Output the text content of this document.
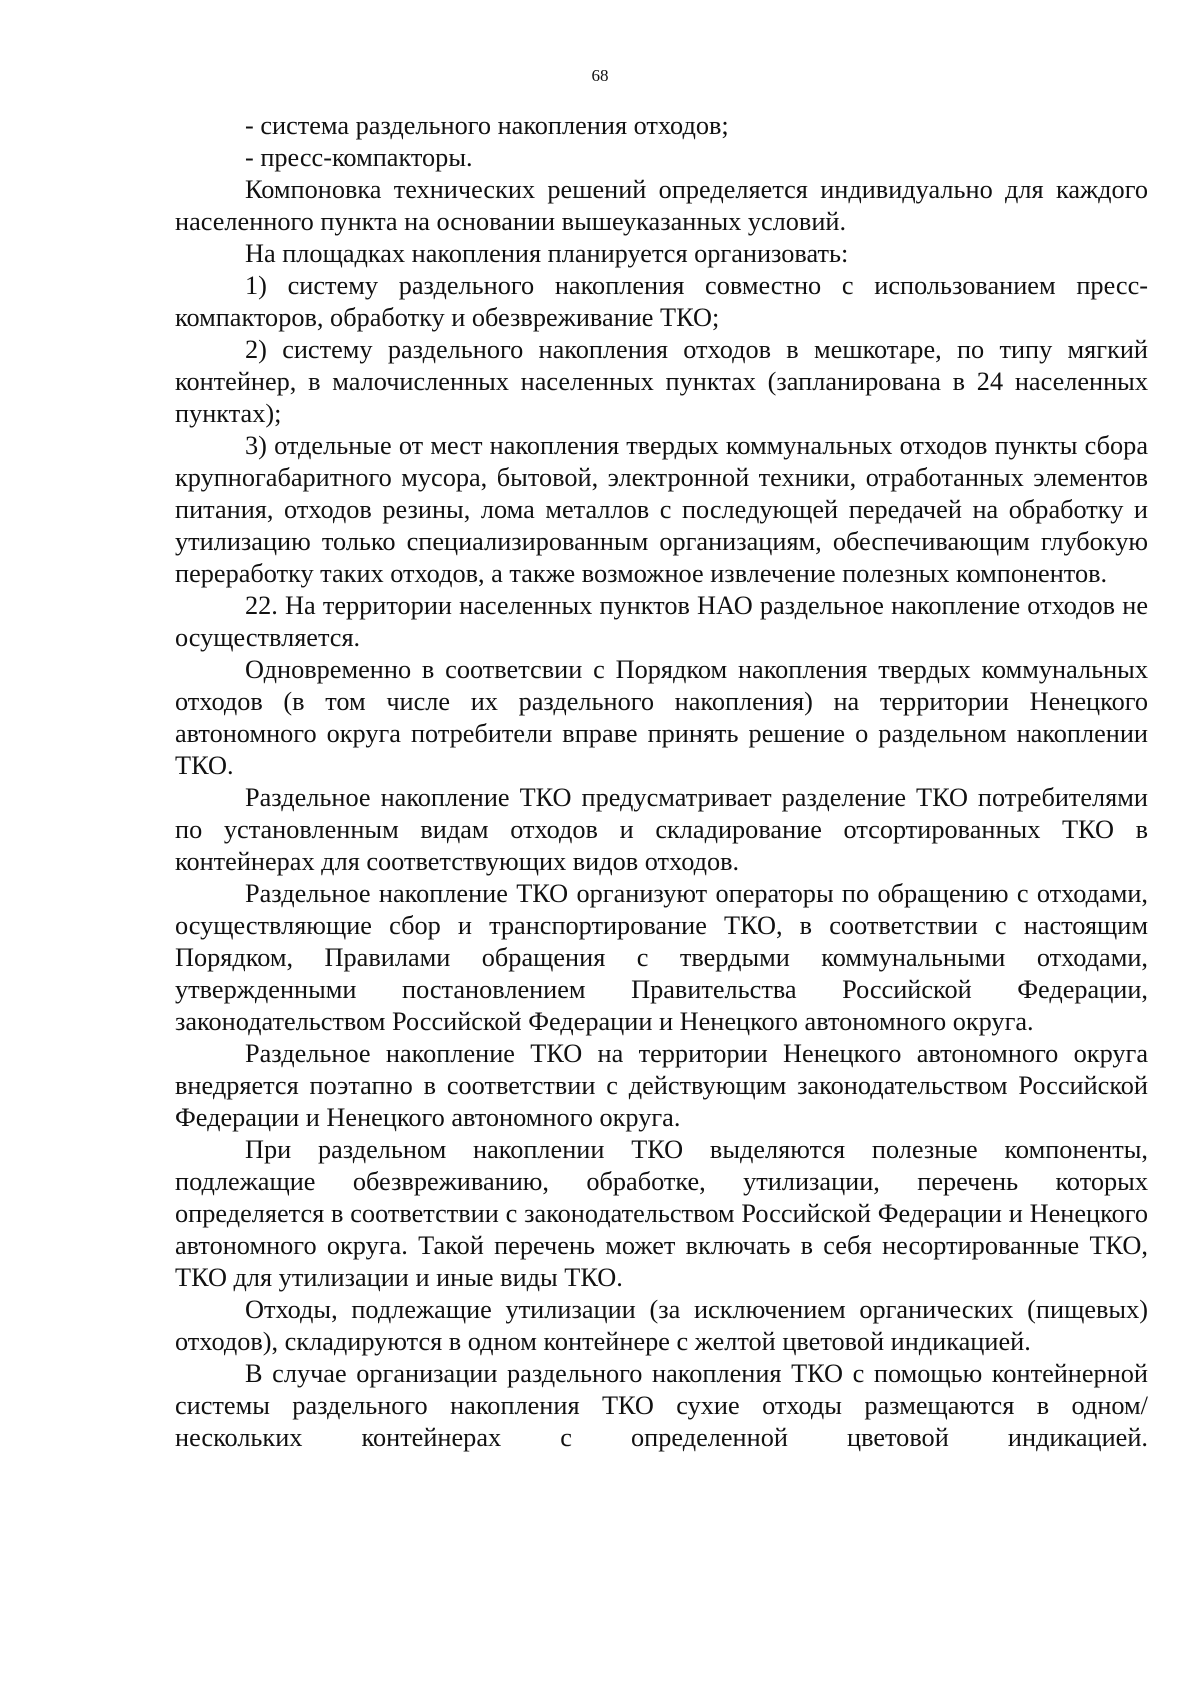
68

- система раздельного накопления отходов;

- пресс-компакторы.

Компоновка технических решений определяется индивидуально для каждого населенного пункта на основании вышеуказанных условий.

На площадках накопления планируется организовать:

1) систему раздельного накопления совместно с использованием пресс-компакторов, обработку и обезвреживание ТКО;

2) систему раздельного накопления отходов в мешкотаре, по типу мягкий контейнер, в малочисленных населенных пунктах (запланирована в 24 населенных пунктах);

3) отдельные от мест накопления твердых коммунальных отходов пункты сбора крупногабаритного мусора, бытовой, электронной техники, отработанных элементов питания, отходов резины, лома металлов с последующей передачей на обработку и утилизацию только специализированным организациям, обеспечивающим глубокую переработку таких отходов, а также возможное извлечение полезных компонентов.

22. На территории населенных пунктов НАО раздельное накопление отходов не осуществляется.

Одновременно в соответсвии с Порядком накопления твердых коммунальных отходов (в том числе их раздельного накопления) на территории Ненецкого автономного округа потребители вправе принять решение о раздельном накоплении ТКО.

Раздельное накопление ТКО предусматривает разделение ТКО потребителями по установленным видам отходов и складирование отсортированных ТКО в контейнерах для соответствующих видов отходов.

Раздельное накопление ТКО организуют операторы по обращению с отходами, осуществляющие сбор и транспортирование ТКО, в соответствии с настоящим Порядком, Правилами обращения с твердыми коммунальными отходами, утвержденными постановлением Правительства Российской Федерации, законодательством Российской Федерации и Ненецкого автономного округа.

Раздельное накопление ТКО на территории Ненецкого автономного округа внедряется поэтапно в соответствии с действующим законодательством Российской Федерации и Ненецкого автономного округа.

При раздельном накоплении ТКО выделяются полезные компоненты, подлежащие обезвреживанию, обработке, утилизации, перечень которых определяется в соответствии с законодательством Российской Федерации и Ненецкого автономного округа. Такой перечень может включать в себя несортированные ТКО, ТКО для утилизации и иные виды ТКО.

Отходы, подлежащие утилизации (за исключением органических (пищевых) отходов), складируются в одном контейнере с желтой цветовой индикацией.

В случае организации раздельного накопления ТКО с помощью контейнерной системы раздельного накопления ТКО сухие отходы размещаются в одном/нескольких контейнерах с определенной цветовой индикацией.
